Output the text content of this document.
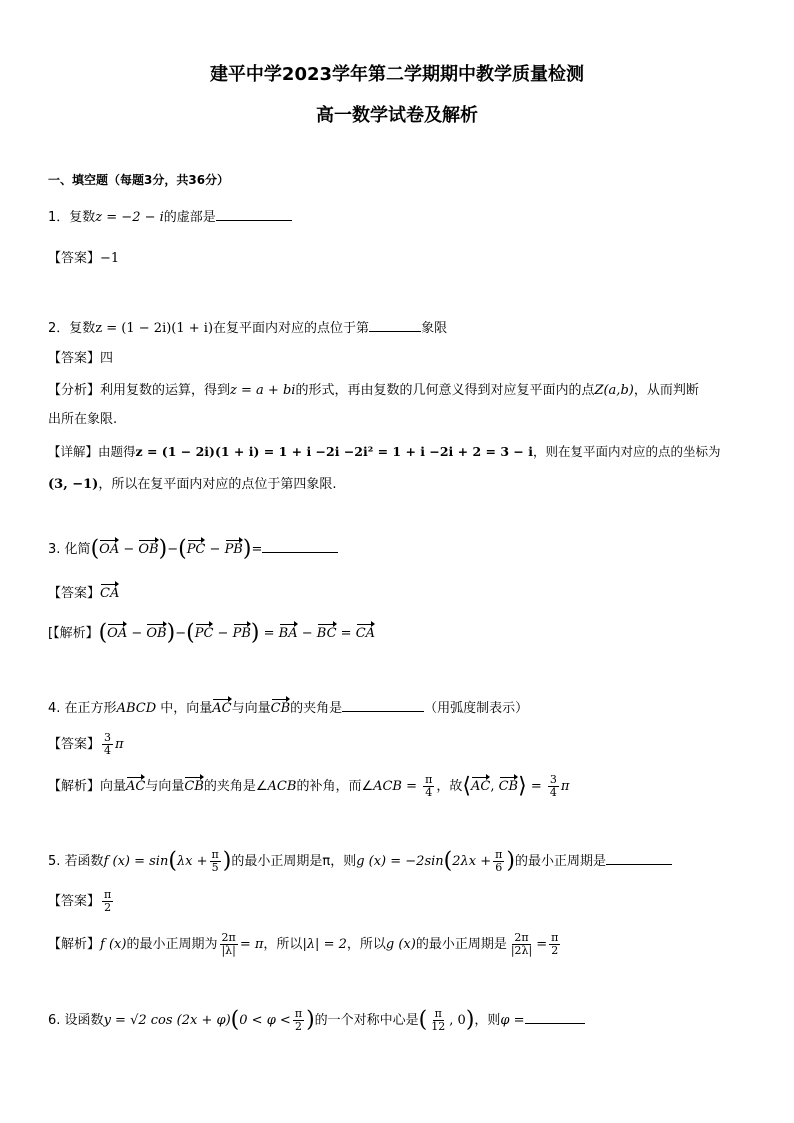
建平中学2023学年第二学期期中教学质量检测
高一数学试卷及解析
一、填空题（每题3分，共36分）
1．复数z = −2 − i的虚部是
【答案】−1
2．复数z = (1 − 2i)(1 + i)在复平面内对应的点位于第	象限
【答案】四
【分析】利用复数的运算，得到z = a + bi的形式，再由复数的几何意义得到对应复平面内的点Z(a,b)，从而判断
出所在象限.
【详解】由题得z = (1 − 2i)(1 + i) = 1 + i −2i −2i² = 1 + i −2i + 2 = 3 − i，则在复平面内对应的点的坐标为
(3, −1)，所以在复平面内对应的点位于第四象限.
3. 化简(OA − OB)−(PC − PB)=
【答案】CA
[【解析】(OA − OB)−(PC − PB) = BA − BC = CA
4. 在正方形ABCD 中，向量AC与向量CB的夹角是	（用弧度制表示）
【答案】 $\frac{3}{4}$ π
【解析】向量AC与向量CB的夹角是∠ACB的补角，而∠ACB = $\frac{\pi}{4}$ ，故⟨AC, CB⟩ = $\frac{3}{4}$ π
5. 若函数f $(x) = \sin(\lambda x + \frac{\pi}{5}$ )的最小正周期是π，则g $(x) = -2\sin(2\lambda x + \frac{\pi}{6}$ )的最小正周期是
【答案】 $\frac{\pi}{2}$
【解析】f (x)的最小正周期为 $\frac{2\pi}{|\lambda|} = \pi$，所以|λ| = 2，所以g (x)的最小正周期是 $\frac{2\pi}{|2\lambda|} = \frac{\pi}{2}$
6. 设函数y = √2 $\cos (2x + \varphi)(0 < \varphi < \frac{\pi}{2}$ )的一个对称中心是( $\frac{\pi}{12}$ , 0)，则φ =
